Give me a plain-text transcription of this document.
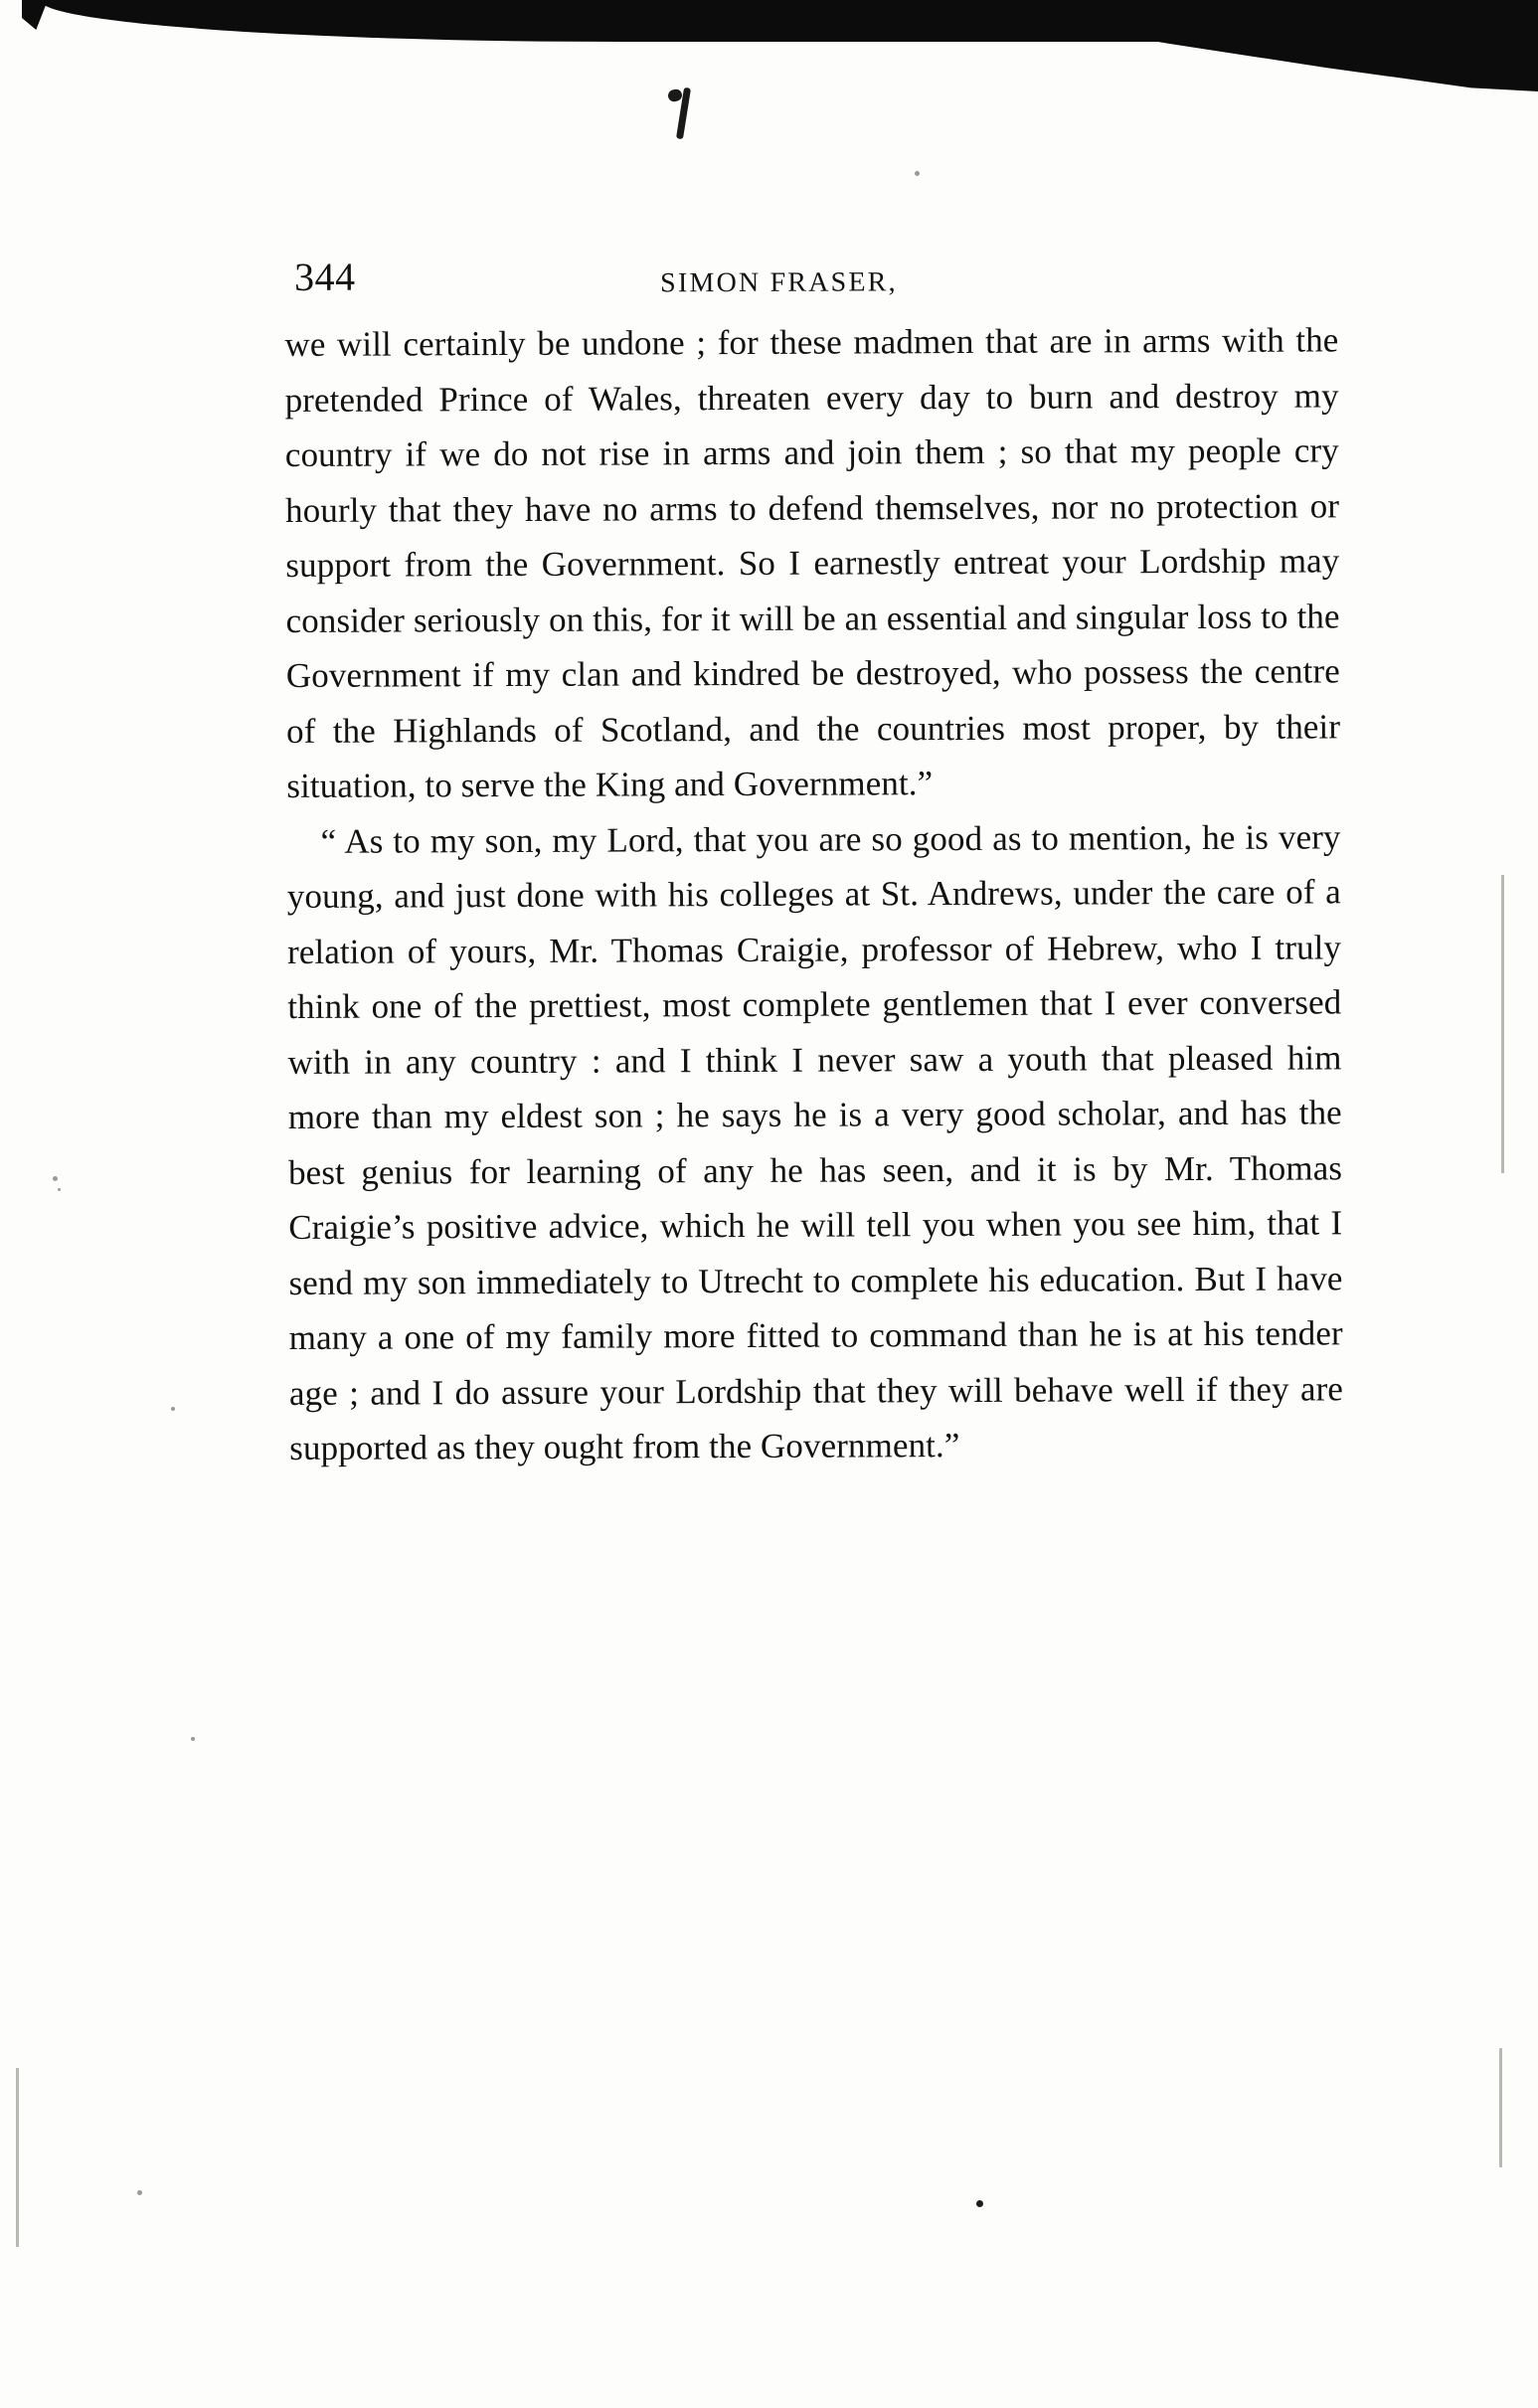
344	SIMON FRASER,

we will certainly be undone ; for these madmen that are in arms with the pretended Prince of Wales, threaten every day to burn and destroy my country if we do not rise in arms and join them ; so that my people cry hourly that they have no arms to defend themselves, nor no protection or support from the Government. So I earnestly entreat your Lordship may consider seriously on this, for it will be an essential and singular loss to the Government if my clan and kindred be destroyed, who possess the centre of the Highlands of Scotland, and the countries most proper, by their situation, to serve the King and Government.”

“ As to my son, my Lord, that you are so good as to mention, he is very young, and just done with his colleges at St. Andrews, under the care of a relation of yours, Mr. Thomas Craigie, professor of Hebrew, who I truly think one of the prettiest, most complete gentlemen that I ever conversed with in any country : and I think I never saw a youth that pleased him more than my eldest son ; he says he is a very good scholar, and has the best genius for learning of any he has seen, and it is by Mr. Thomas Craigie’s positive advice, which he will tell you when you see him, that I send my son immediately to Utrecht to complete his education. But I have many a one of my family more fitted to command than he is at his tender age ; and I do assure your Lordship that they will behave well if they are supported as they ought from the Government.”
